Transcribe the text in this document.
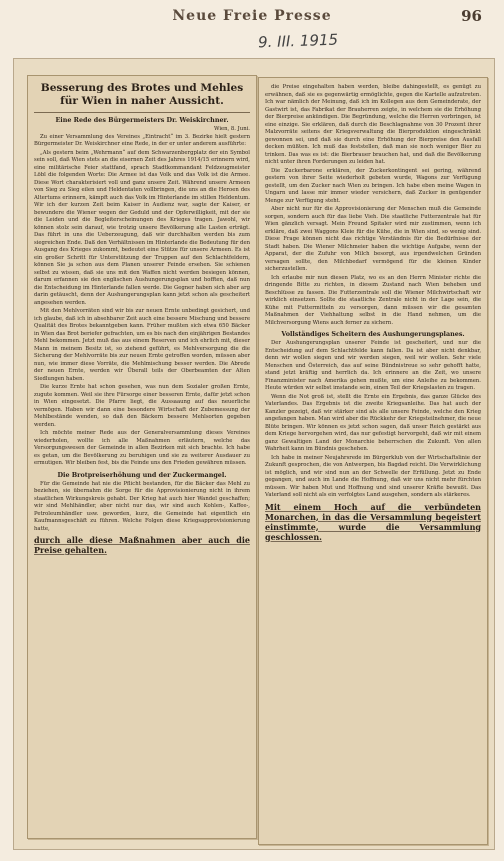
Neue Freie Presse	96
9. III. 1915
Besserung des Brotes und Mehles für Wien in naher Aussicht.
Eine Rede des Bürgermeisters Dr. Weiskirchner.
Wien, 8. Juni.

Zu einer Versammlung des Vereines „Eintracht“ im 3. Bezirke hielt gestern Bürgermeister Dr. Weiskirchner eine Rede, in der er unter anderem ausführte:

„Als gestern beim „Wehrmann“ auf dem Schwarzenbergplatz der ein Symbol sein soll, daß Wien stets an die eisernen Zeit des Jahres 1914/15 erinnern wird, eine militärische Feier stattfand, sprach Stadtkommandant Feldzeugmeister Löbl die folgenden Worte: Die Armee ist das Volk und das Volk ist die Armee. Diese Wort charakterisiert voll und ganz unsere Zeit. Während unsere Armeen von Sieg zu Sieg eilen und Heldentaten vollbringen, die uns an die Heroen des Altertums erinnern, kämpft auch das Volk im Hinterlande im stillen Heldentum. Wir ich der kurzen Zeit beim Kaiser in Audienz war, sagte der Kaiser, er bewundere die Wiener wegen der Geduld und der Opferwilligkeit, mit der sie die Leiden und die Begleiterscheinungen des Krieges tragen. Jawohl, wir können stolz sein darauf, wie trotzig unsere Bevölkerung alle Lasten erträgt. Das führt in uns die Ueberzeugung, daß wir durchhalten werden bis zum siegreichen Ende. Daß den Verhältnissen im Hinterlande die Bedeutung für den Ausgang des Krieges zukommt, bedeutet eine Stütze für unsere Armeen. Es ist ein großer Schritt für Unterstützung der Truppen auf den Schlachtfeldern, können Sie ja schon aus dem Planen unserer Feinde ersehen. Sie schienen selbst zu wissen, daß sie uns mit den Waffen nicht werden besiegen können, darum erfannen sie den englischen Aushungerungsplan und hofften, daß nun die Entscheidung im Hinterlande fallen werde. Die Gegner haben sich aber arg darin getäuscht, denn der Aushungerungsplan kann jetzt schon als gescheitert angesehen werden.

Mit den Mehlvorräten sind wir bis zur neuen Ernte unbedingt gesichert, und ich glaube, daß ich in absehbarer Zeit auch eine bessere Mischung und bessere Qualität des Brotes bekanntgeben kann. Früher mußten sich etwa 650 Bäcker in Wien das Brot beriefer gefrachten, um es bis nach den einjährigen Bestandes Mehl bekommen. Jetzt muß das aus einem Reserven und ich ehrlich mit, dieser Mann in meinem Besitz ist, so ziehend geführt, es Mehlversorgung die die Sicherung der Mehlvorräte bis zur neuen Ernte getroffen worden, müssen aber nun, wie immer diese Vorräte, die Mehlmischung besser werden. Die Abrede der neuen Ernte, werden wir Überall teils der Oberbeamten der Alten Siedlungen haben.

Die kurze Ernte hat schon gesehen, was nun dem Sozialer großen Ernte, zugute kommen. Weil sie ihre Fürsorge einer besseren Ernte, dafür jetzt schon in Wien eingesetzt. Die Pfarre liegt, die Aussaaung auf das neuerliche vermögen. Haben wir dann eine besondere Wirtschaft der Zubemessung der Mehlbestände wenden, so daß den Bäckern bessere Mehlsorten gegeben werden.

Ich möchte meiner Rede aus der Generalversammlung dieses Vereines wiederholen, wollte ich alle Maßnahmen erläutern, welche das Versorgungswesen der Gemeinde in allen Bezirken mit sich brachte. Ich habe es getan, um die Bevölkerung zu beruhigen und sie zu weiterer Ausdauer zu ermutigen. Wir bleiben fest, bis die Feinde uns den Frieden gewähren müssen.

Die Brotpreiserhöhung und der Zuckermangel.

Für die Gemeinde hat nie die Pflicht bestanden, für die Bäcker das Mehl zu beziehen, sie übernahm die Sorge für die Approvisionierung nicht in ihrem staatlichen Wirkungskreis gehabt. Der Krieg hat auch hier Wandel geschaffen; wir sind Mehlhändler, aber nicht nur das, wir sind auch Kohlen-, Kaffee-, Petroleumhändler usw. geworden, kurz, die Gemeinde hat eigentlich ein Kaufmannsgeschäft zu führen. Welche Folgen diese Kriegsapprovisionierung hatte,

durch alle diese Maßnahmen aber auch die Preise gehalten.

die Preise eingehalten haben werden, bleibe dahingestellt, es genügt zu erwähnen, daß sie es gegenwärtig ermöglichte, gegen die Kartelle aufzutreten. Ich war nämlich der Meinung, daß ich im Kollegen aus dem Gemeinderate, der Gastwirt ist, das Fabrikat der Brauherren zeigte, in welchem sie die Erhöhung der Bierpreise ankündigen. Die Begründung, welche die Herren vorbringen, ist eine einzige. Sie erklären, daß durch die Beschlagnahme von 30 Prozent ihrer Malzvorräte seitens der Kriegsverwaltung die Bierproduktion eingeschränkt gewonnen sei, und daß sie durch eine Erhöhung der Bierpreise den Ausfall decken müßten. Ich muß das feststellen, daß man sie noch weniger Bier zu trinken. Das was es ist: die Bierbrauer brauchen hat, und daß die Bevölkerung nicht unter ihren Forderungen zu leiden hat.

Die Zuckerbarone erklären, der Zuckerkontingent sei gering, während gestern von ihrer Seite wiederholt gebeten wurde, Wagons zur Verfügung gestellt, um den Zucker nach Wien zu bringen. Ich habe eben meine Wagen in Ungarn und lasse mir immer wieder versichern, daß Zucker in genügender Menge zur Verfügung steht.

Aber nicht nur für die Approvisionierung der Menschen muß die Gemeinde sorgen, sondern auch für das liebe Vieh. Die staatliche Futterzentrale hat für Wien gänzlich versagt. Mein Freund Spitaler wird mir zustimmen, wenn ich erkläre, daß zwei Waggons Kleie für die Kühe, die in Wien sind, so wenig sind. Diese Frage können nicht das richtige Verständnis für die Bedürfnisse der Stadt haben. Die Wiener Milchmeier haben die wichtige Aufgabe, wenn der Apparat, der die Zufuhr von Milch besorgt, aus irgendwelchen Gründen versagen sollte, den Milchbedarf vermögend für die kleinen Kinder sicherzustellen.

Ich erlaube mir nun diesen Platz, wo es an den Herrn Minister richte die dringende Bitte zu richten, in diesem Zustand nach Wien beheben und Beschlüsse zu fassen. Die Futterzentrale soll die Wiener Milchwirtschaft wir wirklich einsetzen. Sollte die staatliche Zentrale nicht in der Lage sein, die Kühe mit Futtermitteln zu versorgen, dann müssen wir die gesamten Maßnahmen der Viehhaltung selbst in die Hand nehmen, um die Milchversorgung Wiens auch ferner zu sichern.

Vollständiges Scheitern des Aushungerungsplanes.

Der Aushungerungsplan unserer Feinde ist gescheitert, und nur die Entscheidung auf dem Schlachtfelde kann fallen. Da ist aber nicht denkbar, denn wir wollen siegen und wir werden siegen, weil wir wollen. Sehr viele Menschen und Österreich, das auf seine Bündnistreue so sehr gehofft hatte, stand jetzt kräftig und herrlich da. Ich erinnere an die Zeit, wo unsere Finanzminister nach Amerika gehen mußte, um eine Anleihe zu bekommen. Heute würden wir selbst imstande sein, einen Teil der Kriegslasten zu tragen.

Wenn die Not groß ist, stellt die Ernte ein Ergebnis, das ganze Glücke des Vaterlandes. Das Ergebnis ist die zweite Kriegsanleihe. Das hat auch der Kanzler gezeigt, daß wir stärker sind als alle unsere Feinde, welche den Krieg angefangen haben. Man wird aber die Rückkehr der Kriegsteilnehmer, die neue Blüte bringen. Wir können es jetzt schon sagen, daß unser Reich gestärkt aus dem Kriege hervorgehen wird, das nur gefestigt hervorgeht, daß wir mit einem ganz Gewaltigen Land der Monarchie beherrschen die Zukunft. Von allen Wahrheit kann im Bündnis geschehen.

Ich habe in meiner Neujahrsrede im Bürgerklub von der Wirtschaftslinie der Zukunft gesprochen, die von Antwerpen, bis Bagdad reicht. Die Verwirklichung ist möglich, und wir sind nun an der Schwelle der Erfüllung. Jetzt zu Ende gegangen, und auch im Lande die Hoffnung, daß wir uns nicht mehr fürchten müssen. Wir haben Mut und Hoffnung und sind unserer Kräfte bewußt. Das Vaterland soll nicht als ein verfolgtes Land ausgehen, sondern als stärkeres.

Mit einem Hoch auf die verbündeten Monarchen, in das die Versammlung begeistert einstimmte, wurde die Versammlung geschlossen.
